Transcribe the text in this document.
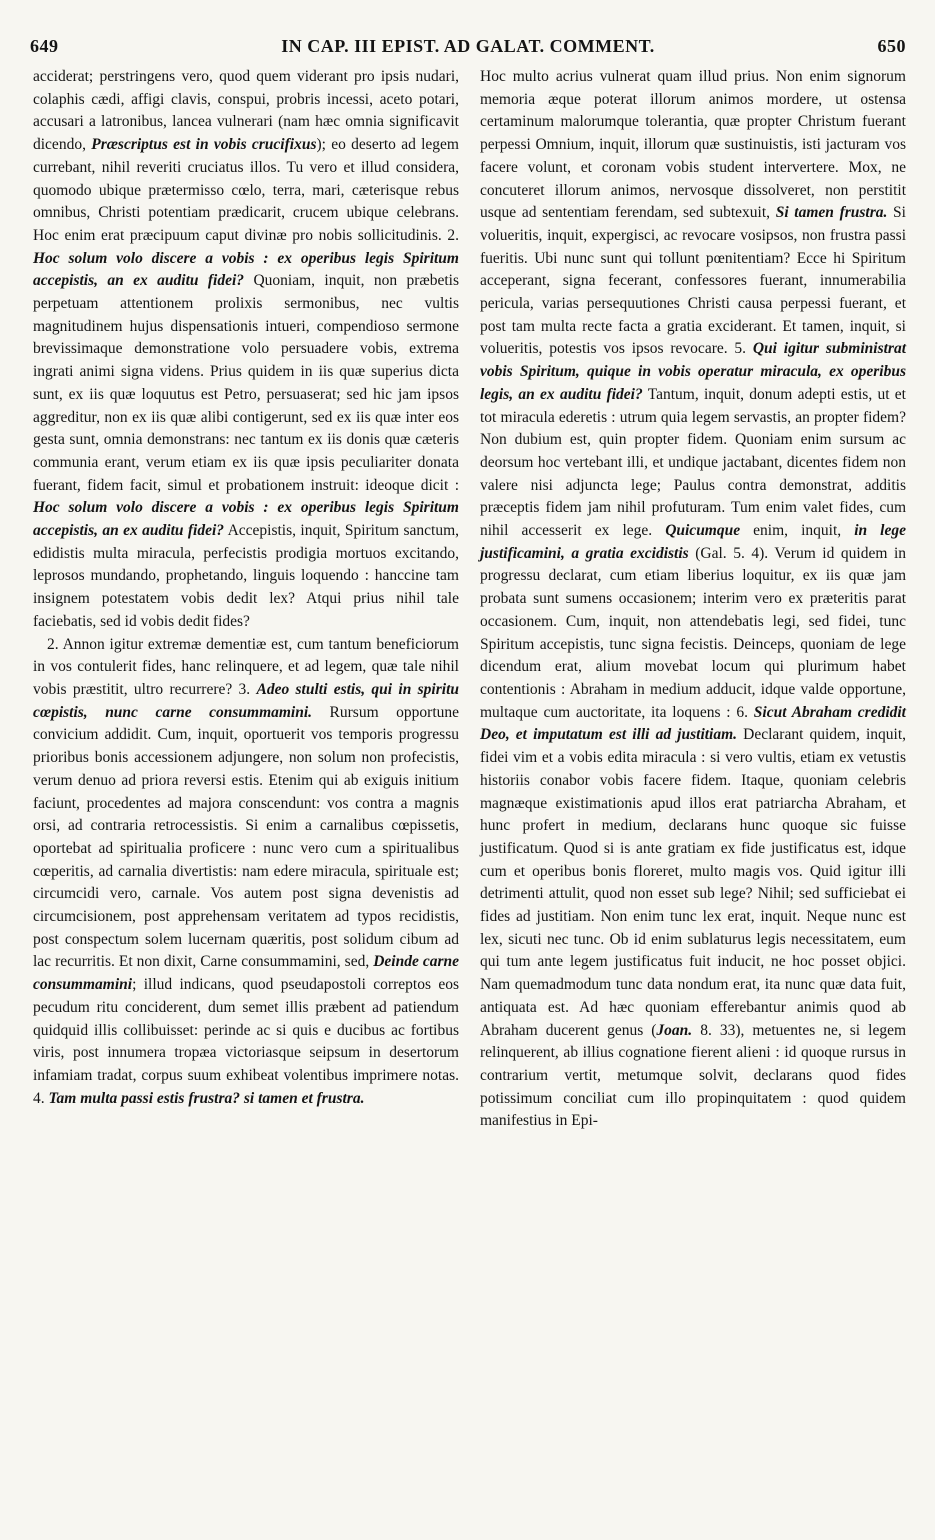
649	IN CAP. III EPIST. AD GALAT. COMMENT.	650

acciderat; perstringens vero, quod quem viderant pro ipsis nudari, colaphis cædi, affigi clavis, conspui, probris incessi, aceto potari, accusari a latronibus, lancea vulnerari (nam hæc omnia significavit dicendo, Præscriptus est in vobis crucifixus); eo deserto ad legem currebant, nihil reveriti cruciatus illos. Tu vero et illud considera, quomodo ubique prætermisso cœlo, terra, mari, cæterisque rebus omnibus, Christi potentiam prædicarit, crucem ubique celebrans. Hoc enim erat præcipuum caput divinæ pro nobis sollicitudinis. 2. Hoc solum volo discere a vobis : ex operibus legis Spiritum accepistis, an ex auditu fidei? Quoniam, inquit, non præbetis perpetuam attentionem prolixis sermonibus, nec vultis magnitudinem hujus dispensationis intueri, compendioso sermone brevissimaque demonstratione volo persuadere vobis, extrema ingrati animi signa videns. Prius quidem in iis quæ superius dicta sunt, ex iis quæ loquutus est Petro, persuaserat; sed hic jam ipsos aggreditur, non ex iis quæ alibi contigerunt, sed ex iis quæ inter eos gesta sunt, omnia demonstrans: nec tantum ex iis donis quæ cæteris communia erant, verum etiam ex iis quæ ipsis peculiariter donata fuerant, fidem facit, simul et probationem instruit: ideoque dicit : Hoc solum volo discere a vobis : ex operibus legis Spiritum accepistis, an ex auditu fidei? Accepistis, inquit, Spiritum sanctum, edidistis multa miracula, perfecistis prodigia mortuos excitando, leprosos mundando, prophetando, linguis loquendo : hanccine tam insignem potestatem vobis dedit lex? Atqui prius nihil tale faciebatis, sed id vobis dedit fides?

2. Annon igitur extremæ dementiæ est, cum tantum beneficiorum in vos contulerit fides, hanc relinquere, et ad legem, quæ tale nihil vobis præstitit, ultro recurrere? 3. Adeo stulti estis, qui in spiritu cœpistis, nunc carne consummamini. Rursum opportune convicium addidit. Cum, inquit, oportuerit vos temporis progressu prioribus bonis accessionem adjungere, non solum non profecistis, verum denuo ad priora reversi estis. Etenim qui ab exiguis initium faciunt, procedentes ad majora conscendunt: vos contra a magnis orsi, ad contraria retrocessistis. Si enim a carnalibus cœpissetis, oportebat ad spiritualia proficere : nunc vero cum a spiritualibus cœperitis, ad carnalia divertistis: nam edere miracula, spirituale est; circumcidi vero, carnale. Vos autem post signa devenistis ad circumcisionem, post apprehensam veritatem ad typos recidistis, post conspectum solem lucernam quæritis, post solidum cibum ad lac recurritis. Et non dixit, Carne consummamini, sed, Deinde carne consummamini; illud indicans, quod pseudapostoli correptos eos pecudum ritu conciderent, dum semet illis præbent ad patiendum quidquid illis collibuisset: perinde ac si quis e ducibus ac fortibus viris, post innumera tropæa victoriasque seipsum in desertorum infamiam tradat, corpus suum exhibeat volentibus imprimere notas. 4. Tam multa passi estis frustra? si tamen et frustra.

Hoc multo acrius vulnerat quam illud prius. Non enim signorum memoria æque poterat illorum animos mordere, ut ostensa certaminum malorumque tolerantia, quæ propter Christum fuerant perpessi Omnium, inquit, illorum quæ sustinuistis, isti jacturam vos facere volunt, et coronam vobis student intervertere. Mox, ne concuteret illorum animos, nervosque dissolveret, non perstitit usque ad sententiam ferendam, sed subtexuit, Si tamen frustra. Si volueritis, inquit, expergisci, ac revocare vosipsos, non frustra passi fueritis. Ubi nunc sunt qui tollunt pœnitentiam? Ecce hi Spiritum acceperant, signa fecerant, confessores fuerant, innumerabilia pericula, varias persequutiones Christi causa perpessi fuerant, et post tam multa recte facta a gratia exciderant. Et tamen, inquit, si volueritis, potestis vos ipsos revocare. 5. Qui igitur subministrat vobis Spiritum, quique in vobis operatur miracula, ex operibus legis, an ex auditu fidei? Tantum, inquit, donum adepti estis, ut et tot miracula ederetis : utrum quia legem servastis, an propter fidem? Non dubium est, quin propter fidem. Quoniam enim sursum ac deorsum hoc vertebant illi, et undique jactabant, dicentes fidem non valere nisi adjuncta lege; Paulus contra demonstrat, additis præceptis fidem jam nihil profuturam. Tum enim valet fides, cum nihil accesserit ex lege. Quicumque enim, inquit, in lege justificamini, a gratia excidistis (Gal. 5. 4). Verum id quidem in progressu declarat, cum etiam liberius loquitur, ex iis quæ jam probata sunt sumens occasionem; interim vero ex præteritis parat occasionem. Cum, inquit, non attendebatis legi, sed fidei, tunc Spiritum accepistis, tunc signa fecistis. Deinceps, quoniam de lege dicendum erat, alium movebat locum qui plurimum habet contentionis : Abraham in medium adducit, idque valde opportune, multaque cum auctoritate, ita loquens : 6. Sicut Abraham credidit Deo, et imputatum est illi ad justitiam. Declarant quidem, inquit, fidei vim et a vobis edita miracula : si vero vultis, etiam ex vetustis historiis conabor vobis facere fidem. Itaque, quoniam celebris magnæque existimationis apud illos erat patriarcha Abraham, et hunc profert in medium, declarans hunc quoque sic fuisse justificatum. Quod si is ante gratiam ex fide justificatus est, idque cum et operibus bonis floreret, multo magis vos. Quid igitur illi detrimenti attulit, quod non esset sub lege? Nihil; sed sufficiebat ei fides ad justitiam. Non enim tunc lex erat, inquit. Neque nunc est lex, sicuti nec tunc. Ob id enim sublaturus legis necessitatem, eum qui tum ante legem justificatus fuit inducit, ne hoc posset objici. Nam quemadmodum tunc data nondum erat, ita nunc quæ data fuit, antiquata est. Ad hæc quoniam efferebantur animis quod ab Abraham ducerent genus (Joan. 8. 33), metuentes ne, si legem relinquerent, ab illius cognatione fierent alieni : id quoque rursus in contrarium vertit, metumque solvit, declarans quod fides potissimum conciliat cum illo propinquitatem : quod quidem manifestius in Epi-
